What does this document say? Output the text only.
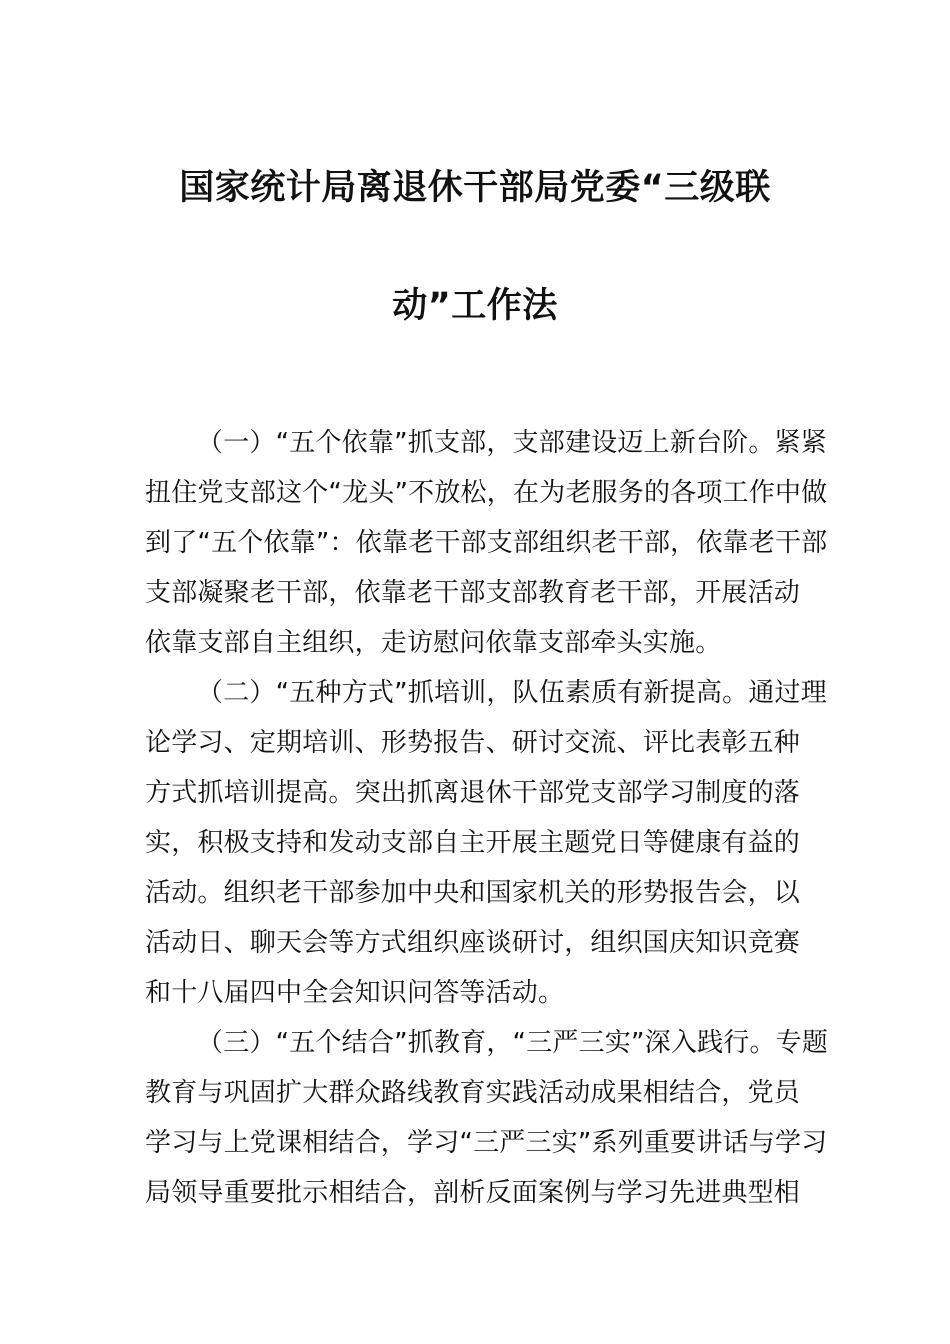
国家统计局离退休干部局党委“三级联
动”工作法
（一）“五个依靠”抓支部，支部建设迈上新台阶。紧紧
扭住党支部这个“龙头”不放松，在为老服务的各项工作中做
到了“五个依靠”：依靠老干部支部组织老干部，依靠老干部
支部凝聚老干部，依靠老干部支部教育老干部，开展活动
依靠支部自主组织，走访慰问依靠支部牵头实施。
（二）“五种方式”抓培训，队伍素质有新提高。通过理
论学习、定期培训、形势报告、研讨交流、评比表彰五种
方式抓培训提高。突出抓离退休干部党支部学习制度的落
实，积极支持和发动支部自主开展主题党日等健康有益的
活动。组织老干部参加中央和国家机关的形势报告会，以
活动日、聊天会等方式组织座谈研讨，组织国庆知识竞赛
和十八届四中全会知识问答等活动。
（三）“五个结合”抓教育，“三严三实”深入践行。专题
教育与巩固扩大群众路线教育实践活动成果相结合，党员
学习与上党课相结合，学习“三严三实”系列重要讲话与学习
局领导重要批示相结合，剖析反面案例与学习先进典型相
